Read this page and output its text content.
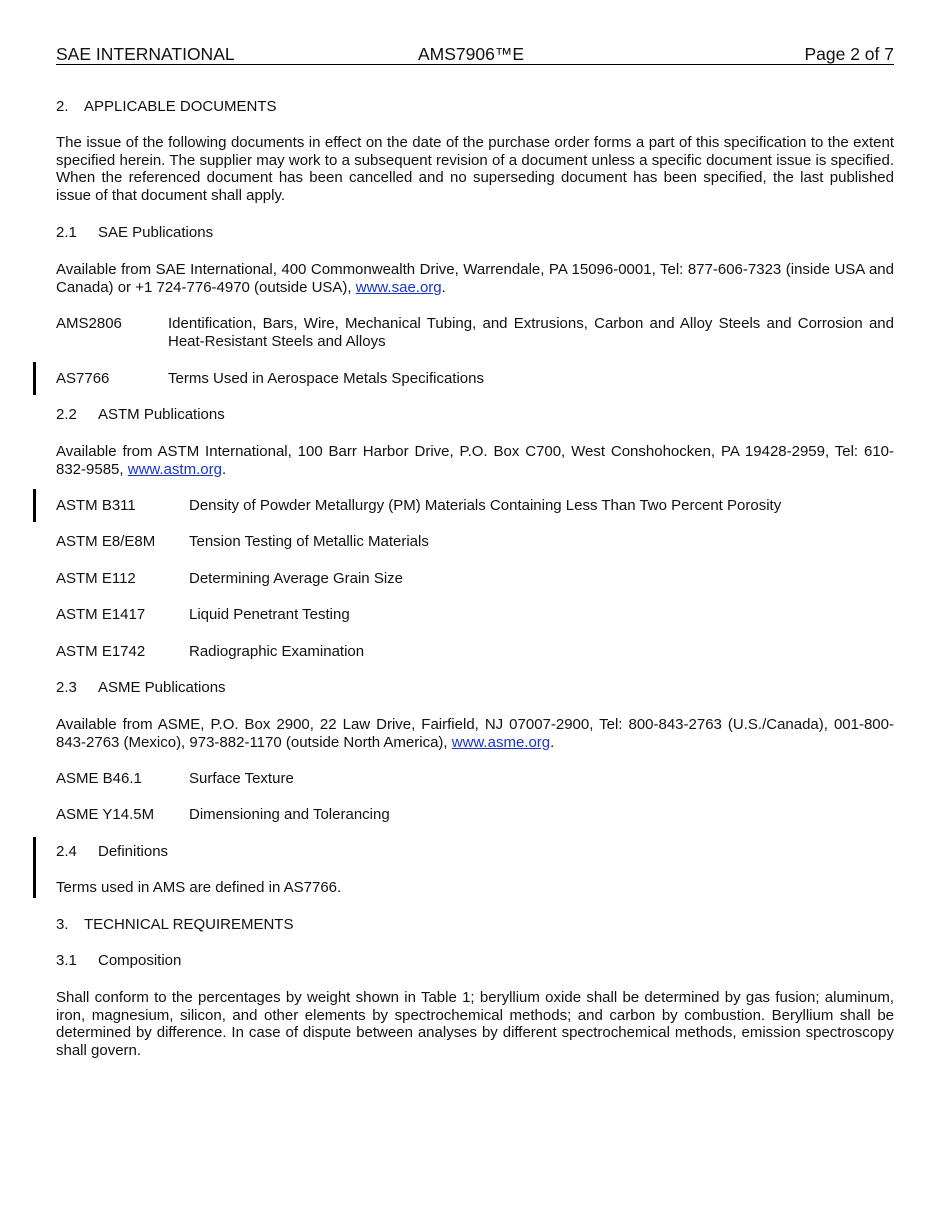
SAE INTERNATIONAL	AMS7906™E	Page 2 of 7
2. APPLICABLE DOCUMENTS
The issue of the following documents in effect on the date of the purchase order forms a part of this specification to the extent specified herein. The supplier may work to a subsequent revision of a document unless a specific document issue is specified. When the referenced document has been cancelled and no superseding document has been specified, the last published issue of that document shall apply.
2.1 SAE Publications
Available from SAE International, 400 Commonwealth Drive, Warrendale, PA 15096-0001, Tel: 877-606-7323 (inside USA and Canada) or +1 724-776-4970 (outside USA), www.sae.org.
AMS2806	Identification, Bars, Wire, Mechanical Tubing, and Extrusions, Carbon and Alloy Steels and Corrosion and Heat-Resistant Steels and Alloys
AS7766	Terms Used in Aerospace Metals Specifications
2.2 ASTM Publications
Available from ASTM International, 100 Barr Harbor Drive, P.O. Box C700, West Conshohocken, PA 19428-2959, Tel: 610-832-9585, www.astm.org.
ASTM B311	Density of Powder Metallurgy (PM) Materials Containing Less Than Two Percent Porosity
ASTM E8/E8M Tension Testing of Metallic Materials
ASTM E112	Determining Average Grain Size
ASTM E1417	Liquid Penetrant Testing
ASTM E1742	Radiographic Examination
2.3 ASME Publications
Available from ASME, P.O. Box 2900, 22 Law Drive, Fairfield, NJ 07007-2900, Tel: 800-843-2763 (U.S./Canada), 001-800-843-2763 (Mexico), 973-882-1170 (outside North America), www.asme.org.
ASME B46.1	Surface Texture
ASME Y14.5M Dimensioning and Tolerancing
2.4 Definitions
Terms used in AMS are defined in AS7766.
3. TECHNICAL REQUIREMENTS
3.1 Composition
Shall conform to the percentages by weight shown in Table 1; beryllium oxide shall be determined by gas fusion; aluminum, iron, magnesium, silicon, and other elements by spectrochemical methods; and carbon by combustion. Beryllium shall be determined by difference. In case of dispute between analyses by different spectrochemical methods, emission spectroscopy shall govern.
